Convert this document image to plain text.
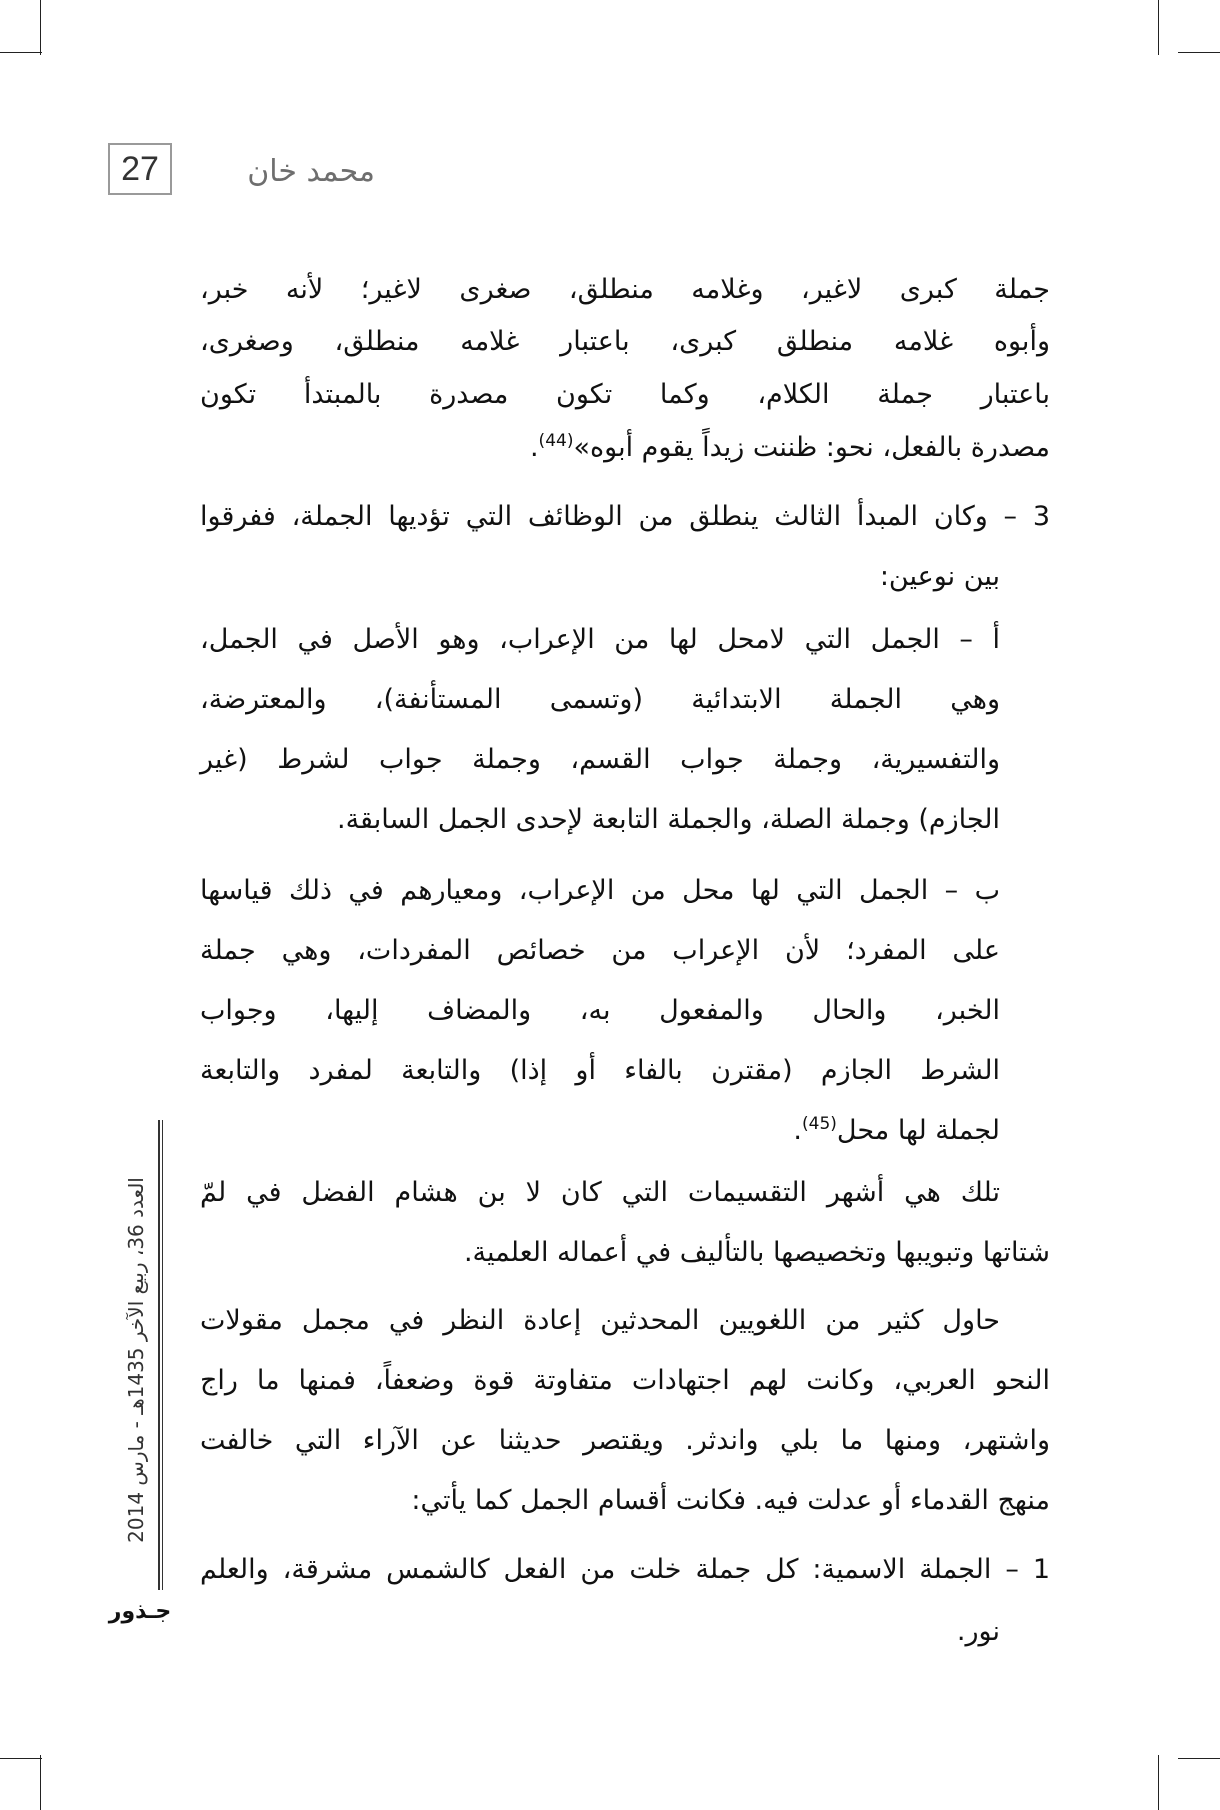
27	محمد خان
جملة كبرى لاغير، وغلامه منطلق، صغرى لاغير؛ لأنه خبر،
وأبوه غلامه منطلق كبرى، باعتبار غلامه منطلق، وصغرى،
باعتبار جملة الكلام، وكما تكون مصدرة بالمبتدأ تكون
مصدرة بالفعل، نحو: ظننت زيداً يقوم أبوه»$^{(44)}$.
3 – وكان المبدأ الثالث ينطلق من الوظائف التي تؤديها الجملة، ففرقوا
بين نوعين:
أ – الجمل التي لامحل لها من الإعراب، وهو الأصل في الجمل،
وهي الجملة الابتدائية (وتسمى المستأنفة)، والمعترضة،
والتفسيرية، وجملة جواب القسم، وجملة جواب لشرط (غير
الجازم) وجملة الصلة، والجملة التابعة لإحدى الجمل السابقة.
ب – الجمل التي لها محل من الإعراب، ومعيارهم في ذلك قياسها
على المفرد؛ لأن الإعراب من خصائص المفردات، وهي جملة
الخبر، والحال والمفعول به، والمضاف إليها، وجواب
الشرط الجازم (مقترن بالفاء أو إذا) والتابعة لمفرد والتابعة
لجملة لها محل$^{(45)}$.
تلك هي أشهر التقسيمات التي كان لا بن هشام الفضل في لمّ
شتاتها وتبويبها وتخصيصها بالتأليف في أعماله العلمية.
حاول كثير من اللغويين المحدثين إعادة النظر في مجمل مقولات
النحو العربي، وكانت لهم اجتهادات متفاوتة قوة وضعفاً، فمنها ما راج
واشتهر، ومنها ما بلي واندثر. ويقتصر حديثنا عن الآراء التي خالفت
منهج القدماء أو عدلت فيه. فكانت أقسام الجمل كما يأتي:
1 – الجملة الاسمية: كل جملة خلت من الفعل كالشمس مشرقة، والعلم
نور.
العدد 36، ربيع الآخر 1435هـ - مارس 2014
جـذور
